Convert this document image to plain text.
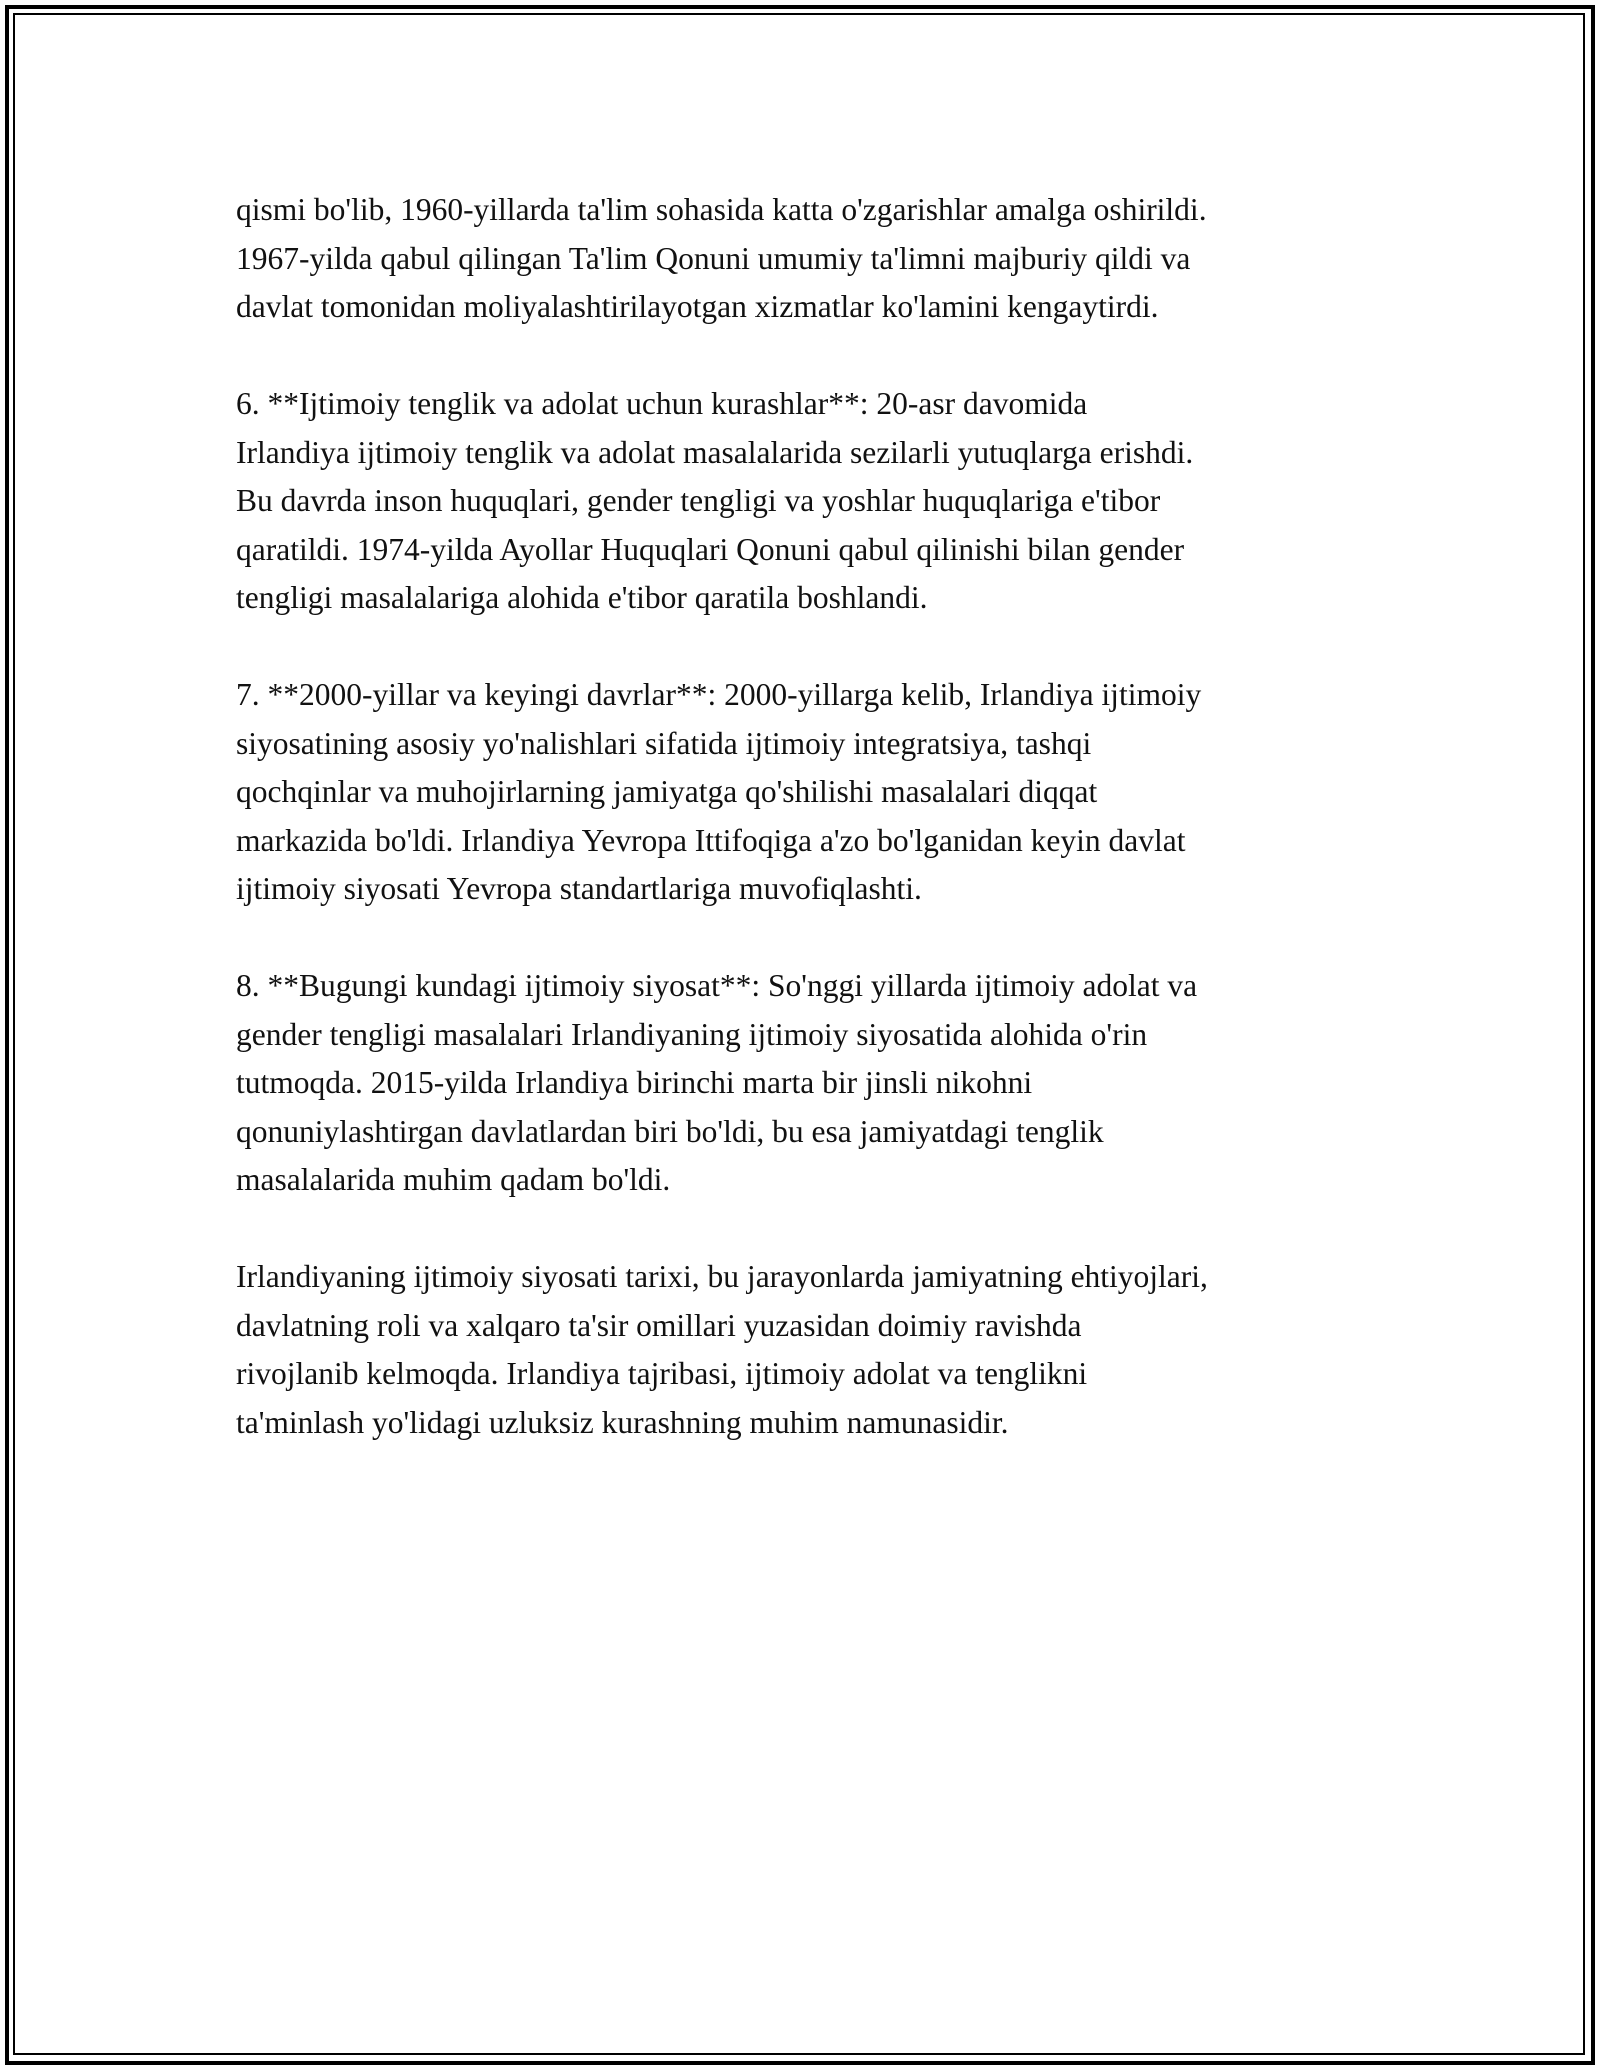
qismi bo'lib, 1960-yillarda ta'lim sohasida katta o'zgarishlar amalga oshirildi.
1967-yilda qabul qilingan Ta'lim Qonuni umumiy ta'limni majburiy qildi va
davlat tomonidan moliyalashtirilayotgan xizmatlar ko'lamini kengaytirdi.

6. **Ijtimoiy tenglik va adolat uchun kurashlar**: 20-asr davomida
Irlandiya ijtimoiy tenglik va adolat masalalarida sezilarli yutuqlarga erishdi.
Bu davrda inson huquqlari, gender tengligi va yoshlar huquqlariga e'tibor
qaratildi. 1974-yilda Ayollar Huquqlari Qonuni qabul qilinishi bilan gender
tengligi masalalariga alohida e'tibor qaratila boshlandi.

7. **2000-yillar va keyingi davrlar**: 2000-yillarga kelib, Irlandiya ijtimoiy
siyosatining asosiy yo'nalishlari sifatida ijtimoiy integratsiya, tashqi
qochqinlar va muhojirlarning jamiyatga qo'shilishi masalalari diqqat
markazida bo'ldi. Irlandiya Yevropa Ittifoqiga a'zo bo'lganidan keyin davlat
ijtimoiy siyosati Yevropa standartlariga muvofiqlashti.

8. **Bugungi kundagi ijtimoiy siyosat**: So'nggi yillarda ijtimoiy adolat va
gender tengligi masalalari Irlandiyaning ijtimoiy siyosatida alohida o'rin
tutmoqda. 2015-yilda Irlandiya birinchi marta bir jinsli nikohni
qonuniylashtirgan davlatlardan biri bo'ldi, bu esa jamiyatdagi tenglik
masalalarida muhim qadam bo'ldi.

Irlandiyaning ijtimoiy siyosati tarixi, bu jarayonlarda jamiyatning ehtiyojlari,
davlatning roli va xalqaro ta'sir omillari yuzasidan doimiy ravishda
rivojlanib kelmoqda. Irlandiya tajribasi, ijtimoiy adolat va tenglikni
ta'minlash yo'lidagi uzluksiz kurashning muhim namunasidir.
